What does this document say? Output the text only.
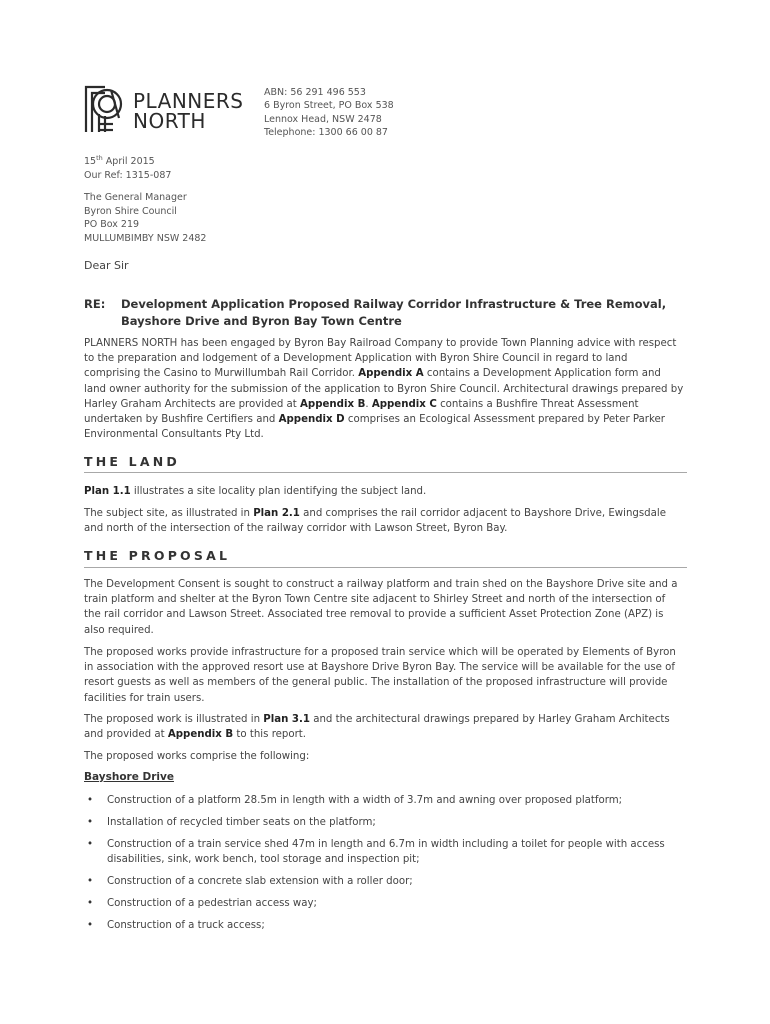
PLANNERS
NORTH
ABN: 56 291 496 553
6 Byron Street, PO Box 538
Lennox Head, NSW 2478
Telephone: 1300 66 00 87
15th April 2015
Our Ref: 1315-087
The General Manager
Byron Shire Council
PO Box 219
MULLUMBIMBY NSW 2482
Dear Sir
RE: Development Application Proposed Railway Corridor Infrastructure & Tree Removal, Bayshore Drive and Byron Bay Town Centre
PLANNERS NORTH has been engaged by Byron Bay Railroad Company to provide Town Planning advice with respect to the preparation and lodgement of a Development Application with Byron Shire Council in regard to land comprising the Casino to Murwillumbah Rail Corridor. Appendix A contains a Development Application form and land owner authority for the submission of the application to Byron Shire Council. Architectural drawings prepared by Harley Graham Architects are provided at Appendix B. Appendix C contains a Bushfire Threat Assessment undertaken by Bushfire Certifiers and Appendix D comprises an Ecological Assessment prepared by Peter Parker Environmental Consultants Pty Ltd.
THE LAND
Plan 1.1 illustrates a site locality plan identifying the subject land.
The subject site, as illustrated in Plan 2.1 and comprises the rail corridor adjacent to Bayshore Drive, Ewingsdale and north of the intersection of the railway corridor with Lawson Street, Byron Bay.
THE PROPOSAL
The Development Consent is sought to construct a railway platform and train shed on the Bayshore Drive site and a train platform and shelter at the Byron Town Centre site adjacent to Shirley Street and north of the intersection of the rail corridor and Lawson Street. Associated tree removal to provide a sufficient Asset Protection Zone (APZ) is also required.
The proposed works provide infrastructure for a proposed train service which will be operated by Elements of Byron in association with the approved resort use at Bayshore Drive Byron Bay. The service will be available for the use of resort guests as well as members of the general public. The installation of the proposed infrastructure will provide facilities for train users.
The proposed work is illustrated in Plan 3.1 and the architectural drawings prepared by Harley Graham Architects and provided at Appendix B to this report.
The proposed works comprise the following:
Bayshore Drive
• Construction of a platform 28.5m in length with a width of 3.7m and awning over proposed platform;
• Installation of recycled timber seats on the platform;
• Construction of a train service shed 47m in length and 6.7m in width including a toilet for people with access disabilities, sink, work bench, tool storage and inspection pit;
• Construction of a concrete slab extension with a roller door;
• Construction of a pedestrian access way;
• Construction of a truck access;
